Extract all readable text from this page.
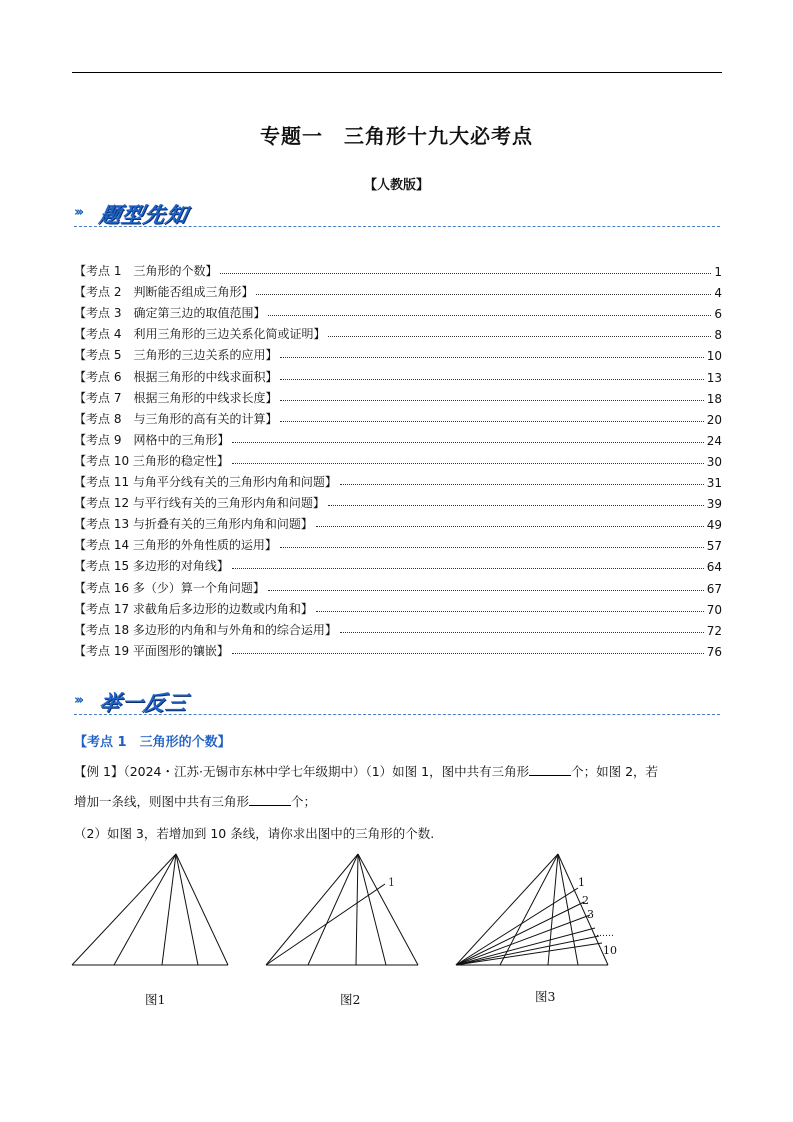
专题一　三角形十九大必考点
【人教版】
››› 题型先知
【考点 1　三角形的个数】	1
【考点 2　判断能否组成三角形】	4
【考点 3　确定第三边的取值范围】	6
【考点 4　利用三角形的三边关系化简或证明】	8
【考点 5　三角形的三边关系的应用】	10
【考点 6　根据三角形的中线求面积】	13
【考点 7　根据三角形的中线求长度】	18
【考点 8　与三角形的高有关的计算】	20
【考点 9　网格中的三角形】	24
【考点 10 三角形的稳定性】	30
【考点 11 与角平分线有关的三角形内角和问题】	31
【考点 12 与平行线有关的三角形内角和问题】	39
【考点 13 与折叠有关的三角形内角和问题】	49
【考点 14 三角形的外角性质的运用】	57
【考点 15 多边形的对角线】	64
【考点 16 多（少）算一个角问题】	67
【考点 17 求截角后多边形的边数或内角和】	70
【考点 18 多边形的内角和与外角和的综合运用】	72
【考点 19 平面图形的镶嵌】	76
››› 举一反三
【考点 1　三角形的个数】
【例 1】（2024・江苏·无锡市东林中学七年级期中）（1）如图 1，图中共有三角形	个；如图 2，若
增加一条线，则图中共有三角形	个；
（2）如图 3，若增加到 10 条线，请你求出图中的三角形的个数.
图1
1
图2
1
2
3
……
10
图3
